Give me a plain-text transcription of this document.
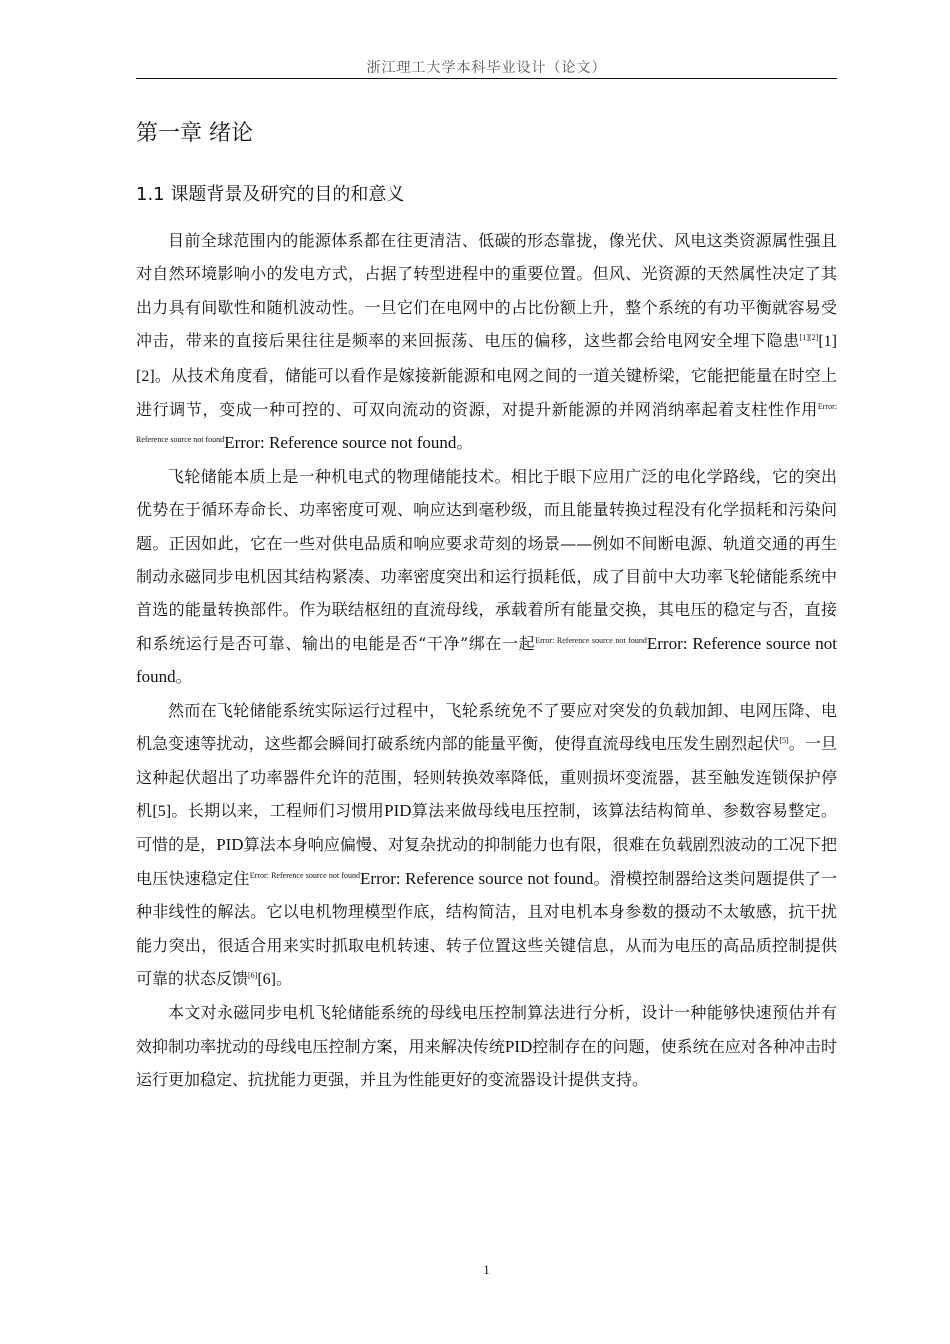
浙江理工大学本科毕业设计（论文）
第一章 绪论
1.1 课题背景及研究的目的和意义

目前全球范围内的能源体系都在往更清洁、低碳的形态靠拢，像光伏、风电这类资源属性强且对自然环境影响小的发电方式，占据了转型进程中的重要位置。但风、光资源的天然属性决定了其出力具有间歇性和随机波动性。一旦它们在电网中的占比份额上升，整个系统的有功平衡就容易受冲击，带来的直接后果往往是频率的来回振荡、电压的偏移，这些都会给电网安全埋下隐患[1][2][1][2]。从技术角度看，储能可以看作是嫁接新能源和电网之间的一道关键桥梁，它能把能量在时空上进行调节，变成一种可控的、可双向流动的资源，对提升新能源的并网消纳率起着支柱性作用$^{Error: Reference source not found}$Error: Reference source not found。

飞轮储能本质上是一种机电式的物理储能技术。相比于眼下应用广泛的电化学路线，它的突出优势在于循环寿命长、功率密度可观、响应达到毫秒级，而且能量转换过程没有化学损耗和污染问题。正因如此，它在一些对供电品质和响应要求苛刻的场景——例如不间断电源、轨道交通的再生制动永磁同步电机因其结构紧凑、功率密度突出和运行损耗低，成了目前中大功率飞轮储能系统中首选的能量转换部件。作为联结枢纽的直流母线，承载着所有能量交换，其电压的稳定与否，直接和系统运行是否可靠、输出的电能是否“干净”绑在一起$^{Error: Reference source not found}$Error: Reference source not found。

然而在飞轮储能系统实际运行过程中，飞轮系统免不了要应对突发的负载加卸、电网压降、电机急变速等扰动，这些都会瞬间打破系统内部的能量平衡，使得直流母线电压发生剧烈起伏[5]。一旦这种起伏超出了功率器件允许的范围，轻则转换效率降低，重则损坏变流器，甚至触发连锁保护停机[5]。长期以来，工程师们习惯用PID算法来做母线电压控制，该算法结构简单、参数容易整定。可惜的是，PID算法本身响应偏慢、对复杂扰动的抑制能力也有限，很难在负载剧烈波动的工况下把电压快速稳定住$^{Error: Reference source not found}$Error: Reference source not found。滑模控制器给这类问题提供了一种非线性的解法。它以电机物理模型作底，结构简洁，且对电机本身参数的摄动不太敏感，抗干扰能力突出，很适合用来实时抓取电机转速、转子位置这些关键信息，从而为电压的高品质控制提供可靠的状态反馈[6][6]。

本文对永磁同步电机飞轮储能系统的母线电压控制算法进行分析，设计一种能够快速预估并有效抑制功率扰动的母线电压控制方案，用来解决传统PID控制存在的问题，使系统在应对各种冲击时运行更加稳定、抗扰能力更强，并且为性能更好的变流器设计提供支持。

1
